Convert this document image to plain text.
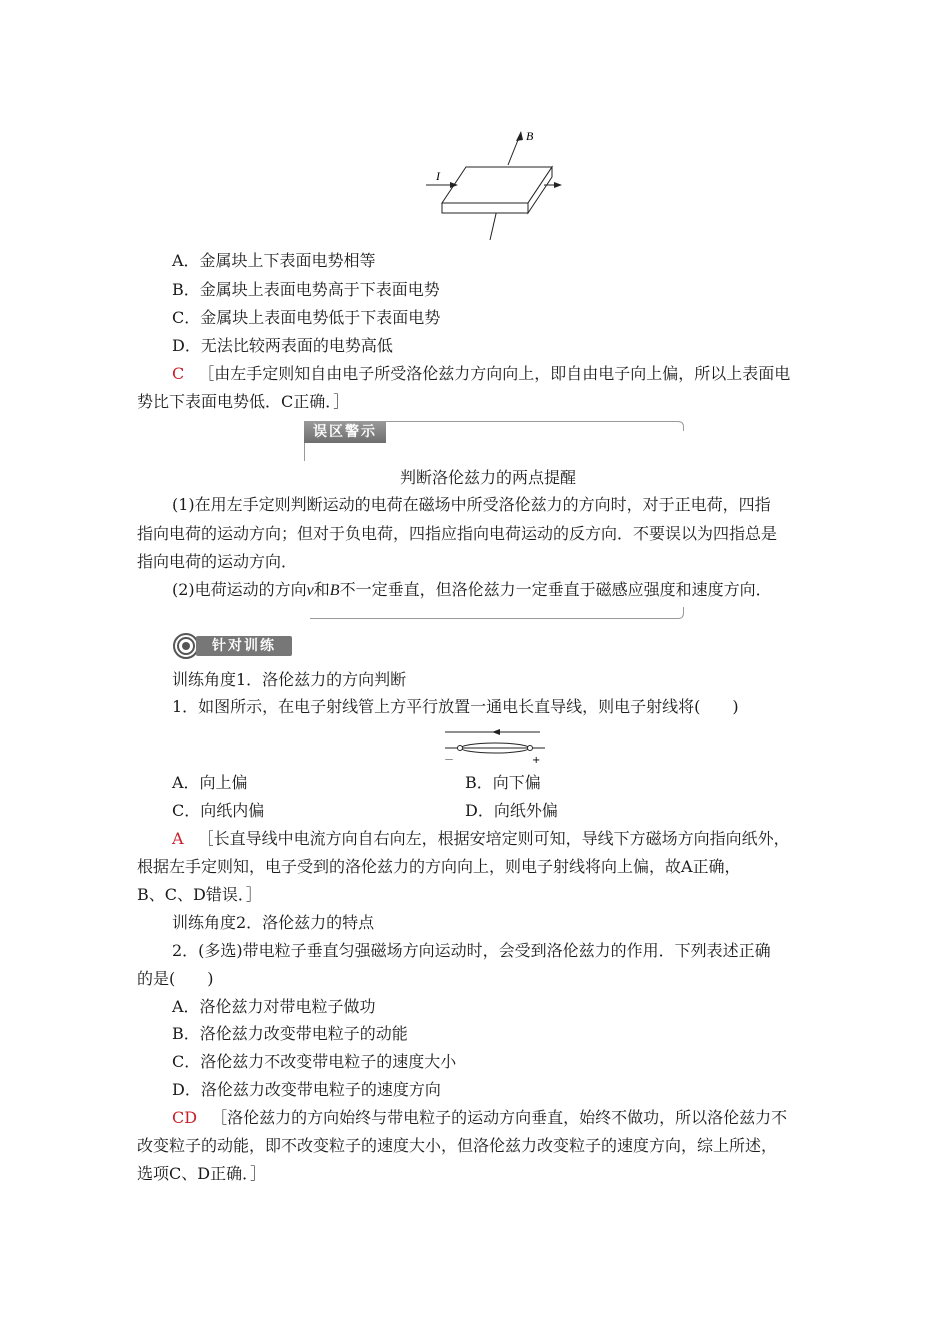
B
I
A．金属块上下表面电势相等
B．金属块上表面电势高于下表面电势
C．金属块上表面电势低于下表面电势
D．无法比较两表面的电势高低
C ［由左手定则知自由电子所受洛伦兹力方向向上，即自由电子向上偏，所以上表面电
势比下表面电势低．C正确．］
误区警示
判断洛伦兹力的两点提醒
(1)在用左手定则判断运动的电荷在磁场中所受洛伦兹力的方向时，对于正电荷，四指
指向电荷的运动方向；但对于负电荷，四指应指向电荷运动的反方向．不要误以为四指总是
指向电荷的运动方向．
(2)电荷运动的方向v和B不一定垂直，但洛伦兹力一定垂直于磁感应强度和速度方向．
针对训练
训练角度1．洛伦兹力的方向判断
1．如图所示，在电子射线管上方平行放置一通电长直导线，则电子射线将(　　)
－	+
A．向上偏	B．向下偏
C．向纸内偏	D．向纸外偏
A ［长直导线中电流方向自右向左，根据安培定则可知，导线下方磁场方向指向纸外，
根据左手定则知，电子受到的洛伦兹力的方向向上，则电子射线将向上偏，故A正确，
B、C、D错误．］
训练角度2．洛伦兹力的特点
2．(多选)带电粒子垂直匀强磁场方向运动时，会受到洛伦兹力的作用．下列表述正确
的是(　　)
A．洛伦兹力对带电粒子做功
B．洛伦兹力改变带电粒子的动能
C．洛伦兹力不改变带电粒子的速度大小
D．洛伦兹力改变带电粒子的速度方向
CD ［洛伦兹力的方向始终与带电粒子的运动方向垂直，始终不做功，所以洛伦兹力不
改变粒子的动能，即不改变粒子的速度大小，但洛伦兹力改变粒子的速度方向，综上所述，
选项C、D正确．］
